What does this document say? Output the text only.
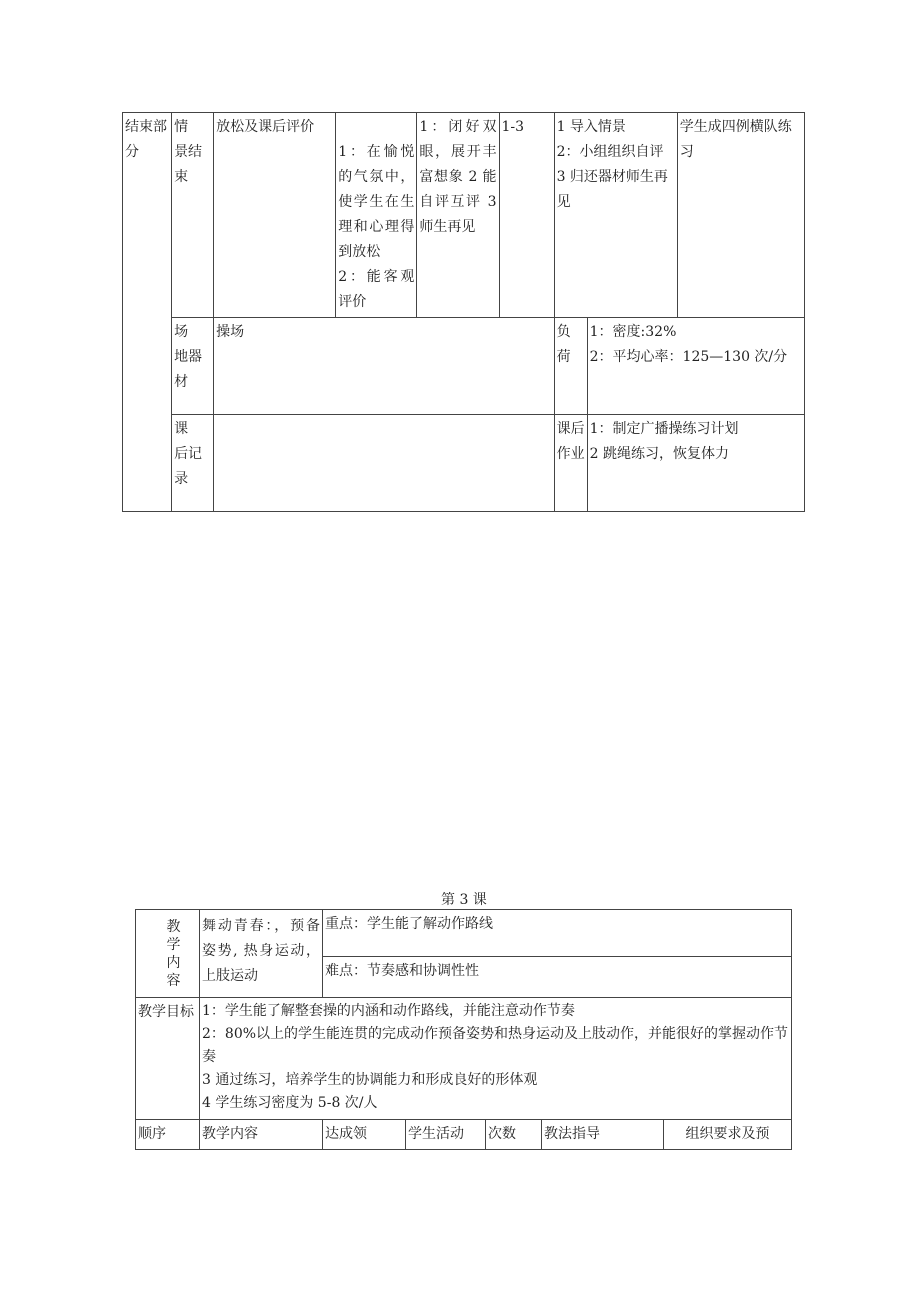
结束部分	情　景结束	放松及课后评价	1：在愉悦的气氛中，使学生在生理和心理得到放松
2：能客观评价	1：闭好双眼，展开丰富想象 2 能自评互评 3 师生再见	1-3	1 导入情景
2：小组组织自评
3 归还器材师生再见		学生成四例横队练习
	场　地器材	操场				负　荷	1：密度:32%
2：平均心率：125—130 次/分	

	课　后记录					课后作业	1：制定广播操练习计划
2 跳绳练习，恢复体力	
第 3 课
教学内容	舞动青春：，预备姿势, 热身运动，上肢运动	重点：学生能了解动作路线				
		难点：节奏感和协调性性				
教学目标	1：学生能了解整套操的内涵和动作路线，并能注意动作节奏
2：80%以上的学生能连贯的完成动作预备姿势和热身运动及上肢动作，并能很好的掌握动作节奏
3 通过练习，培养学生的协调能力和形成良好的形体观
4 学生练习密度为 5-8 次/人					

顺序	教学内容	达成领	学生活动	次数	教法指导	组织要求及预
